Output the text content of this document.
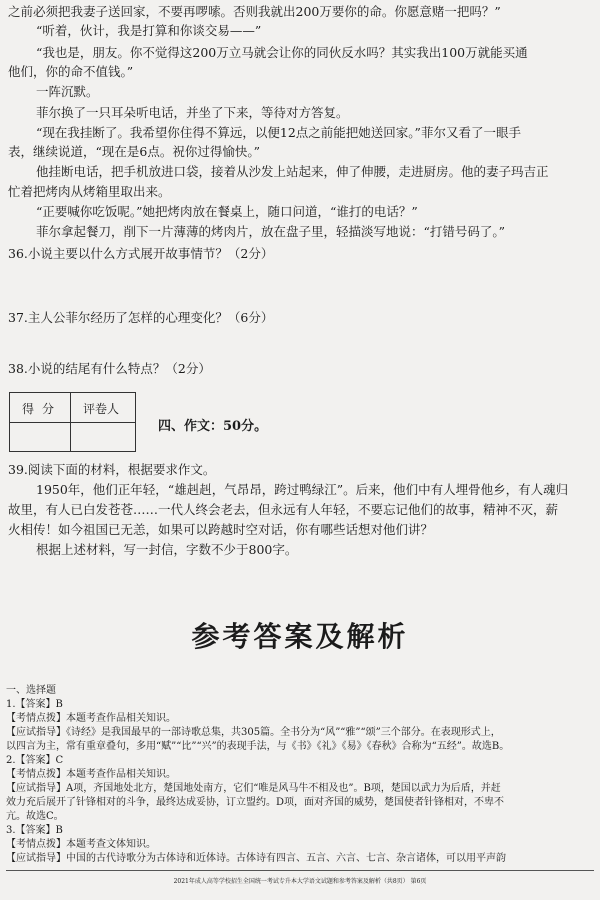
之前必须把我妻子送回家，不要再啰嗦。否则我就出200万要你的命。你愿意赌一把吗？”
“听着，伙计，我是打算和你谈交易——”
“我也是，朋友。你不觉得这200万立马就会让你的同伙反水吗？其实我出100万就能买通
他们，你的命不值钱。”
一阵沉默。
菲尔换了一只耳朵听电话，并坐了下来，等待对方答复。
“现在我挂断了。我希望你住得不算远，以便12点之前能把她送回家。”菲尔又看了一眼手
表，继续说道，“现在是6点。祝你过得愉快。”
他挂断电话，把手机放进口袋，接着从沙发上站起来，伸了伸腰，走进厨房。他的妻子玛吉正
忙着把烤肉从烤箱里取出来。
“正要喊你吃饭呢。”她把烤肉放在餐桌上，随口问道，“谁打的电话？”
菲尔拿起餐刀，削下一片薄薄的烤肉片，放在盘子里，轻描淡写地说：“打错号码了。”
36.小说主要以什么方式展开故事情节？（2分）
37.主人公菲尔经历了怎样的心理变化？（6分）
38.小说的结尾有什么特点？（2分）
得分 评卷人
四、作文：50分。
39.阅读下面的材料，根据要求作文。
1950年，他们正年轻，“雄赳赳，气昂昂，跨过鸭绿江”。后来，他们中有人埋骨他乡，有人魂归
故里，有人已白发苍苍……一代人终会老去，但永远有人年轻，不要忘记他们的故事，精神不灭，薪
火相传！如今祖国已无恙，如果可以跨越时空对话，你有哪些话想对他们讲？
根据上述材料，写一封信，字数不少于800字。
参考答案及解析
一、选择题
1.【答案】B
【考情点拨】本题考查作品相关知识。
【应试指导】《诗经》是我国最早的一部诗歌总集，共305篇。全书分为“风”“雅”“颂”三个部分。在表现形式上，
以四言为主，常有重章叠句，多用“赋”“比”“兴”的表现手法，与《书》《礼》《易》《春秋》合称为“五经”。故选B。
2.【答案】C
【考情点拨】本题考查作品相关知识。
【应试指导】A项，齐国地处北方，楚国地处南方，它们“唯是风马牛不相及也”。B项，楚国以武力为后盾，并赶
效力充后展开了针锋相对的斗争，最终达成妥协，订立盟约。D项，面对齐国的威势，楚国使者针锋相对，不卑不
亢。故选C。
3.【答案】B
【考情点拨】本题考查文体知识。
【应试指导】中国的古代诗歌分为古体诗和近体诗。古体诗有四言、五言、六言、七言、杂言诸体，可以用平声韵
2021年成人高等学校招生全国统一考试专升本大学语文试题和参考答案及解析（共8页） 第6页
